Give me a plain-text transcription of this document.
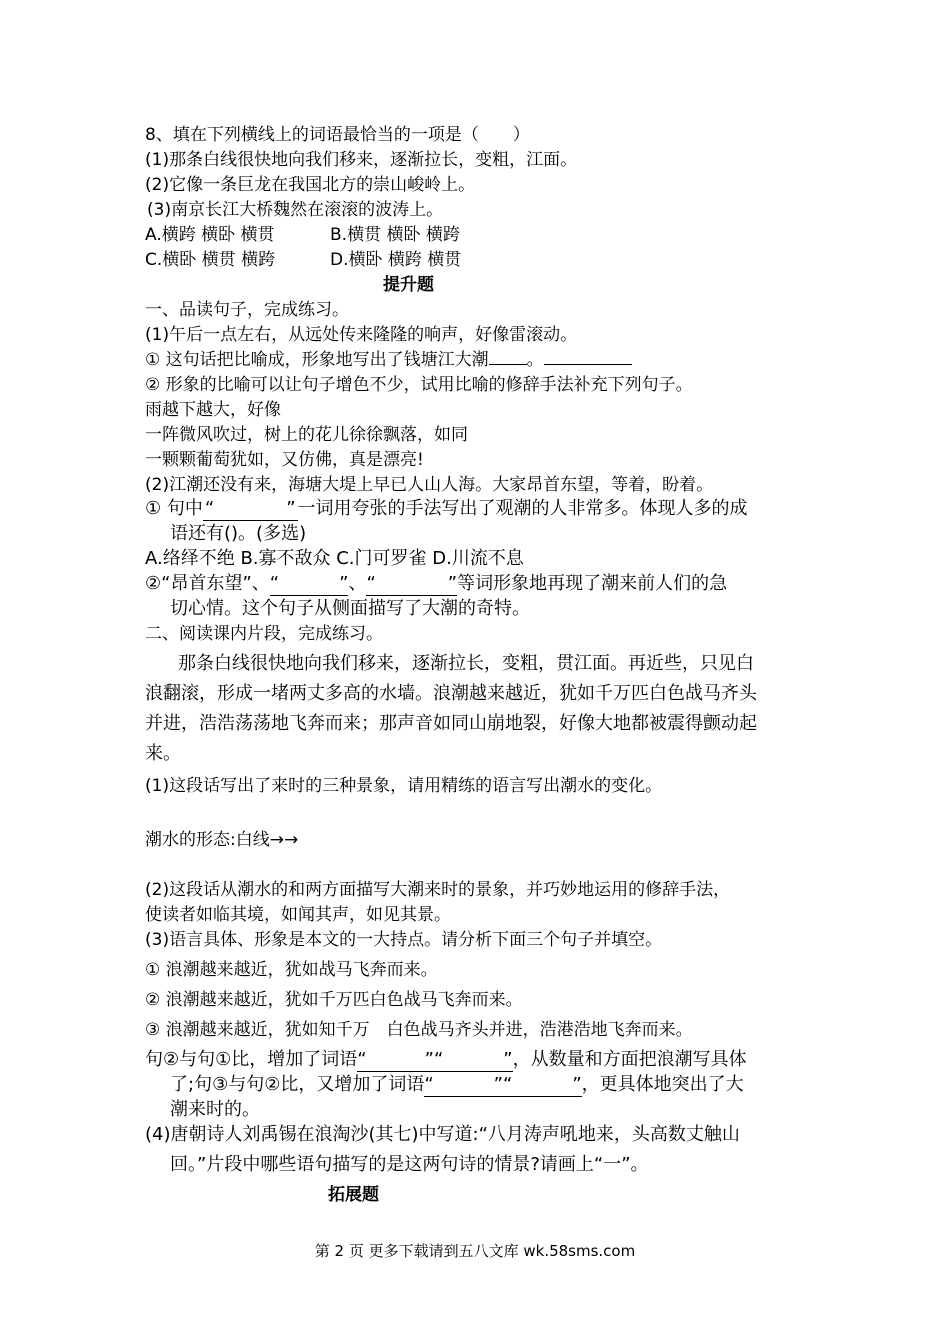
8、填在下列横线上的词语最恰当的一项是（　　）
(1)那条白线很快地向我们移来，逐渐拉长，变粗，江面。
(2)它像一条巨龙在我国北方的崇山峻岭上。
(3)南京长江大桥魏然在滚滚的波涛上。
A.横跨 横卧 横贯	B.横贯 横卧 横跨
C.横卧 横贯 横跨	D.横卧 横跨 横贯
提升题
一、品读句子，完成练习。
(1)午后一点左右，从远处传来隆隆的响声，好像雷滚动。
① 这句话把比喻成，形象地写出了钱塘江大潮 。
② 形象的比喻可以让句子增色不少，试用比喻的修辞手法补充下列句子。
雨越下越大，好像
一阵微风吹过，树上的花儿徐徐飘落，如同
一颗颗葡萄犹如，又仿佛，真是漂亮!
(2)江潮还没有来，海塘大堤上早已人山人海。大家昂首东望，等着，盼着。
① 句中 “	” 一词用夸张的手法写出了观潮的人非常多。体现人多的成
语还有()。(多选)
A.络绎不绝 B.寡不敌众 C.门可罗雀 D.川流不息
②“昂首东望”、“	”、“	”等词形象地再现了潮来前人们的急
切心情。这个句子从侧面描写了大潮的奇特。
二、阅读课内片段，完成练习。
　那条白线很快地向我们移来，逐渐拉长，变粗，贯江面。再近些，只见白
浪翻滚，形成一堵两丈多高的水墙。浪潮越来越近，犹如千万匹白色战马齐头
并进，浩浩荡荡地飞奔而来；那声音如同山崩地裂，好像大地都被震得颤动起
来。
(1)这段话写出了来时的三种景象，请用精练的语言写出潮水的变化。
潮水的形态:白线→→
(2)这段话从潮水的和两方面描写大潮来时的景象，并巧妙地运用的修辞手法，
使读者如临其境，如闻其声，如见其景。
(3)语言具体、形象是本文的一大持点。请分析下面三个句子并填空。
① 浪潮越来越近，犹如战马飞奔而来。
② 浪潮越来越近，犹如千万匹白色战马飞奔而来。
③ 浪潮越来越近，犹如知千万　白色战马齐头并进，浩港浩地飞奔而来。
句②与句①比，增加了词语“	”“	”，从数量和方面把浪潮写具体
了;句③与句②比，又增加了词语“	”“	”，更具体地突出了大
潮来时的。
(4)唐朝诗人刘禹锡在浪淘沙(其七)中写道:“八月涛声吼地来，头高数丈触山
回。”片段中哪些语句描写的是这两句诗的情景?请画上“一”。
拓展题
第 2 页 更多下载请到五八文库 wk.58sms.com
